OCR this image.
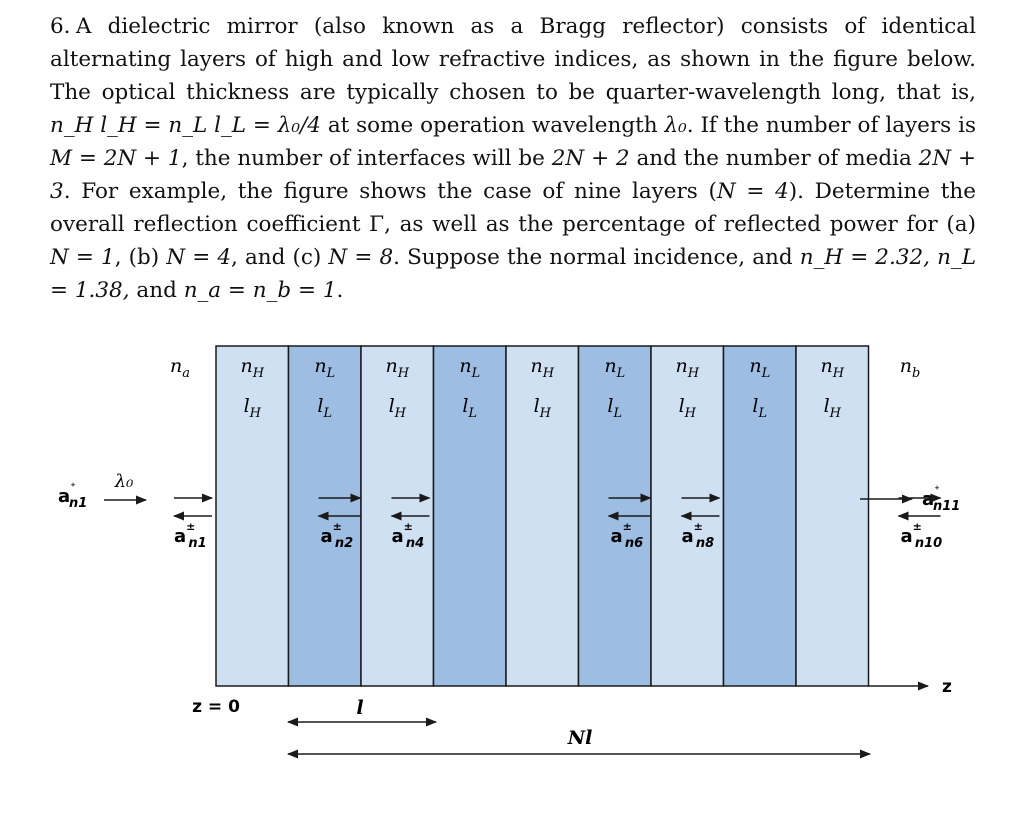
6. A dielectric mirror (also known as a Bragg reflector) consists of identical alternating layers of high and low refractive indices, as shown in the figure below. The optical thickness are typically chosen to be quarter-wavelength long, that is, n_H l_H = n_L l_L = λ₀/4 at some operation wavelength λ₀. If the number of layers is M = 2N + 1, the number of interfaces will be 2N + 2 and the number of media 2N + 3. For example, the figure shows the case of nine layers (N = 4). Determine the overall reflection coefficient Γ, as well as the percentage of reflected power for (a) N = 1, (b) N = 4, and (c) N = 8. Suppose the normal incidence, and n_H = 2.32, n_L = 1.38, and n_a = n_b = 1.

$n_H$
$l_H$
$n_L$
$l_L$
$n_H$
$l_H$
$n_L$
$l_L$
$n_H$
$l_H$
$n_L$
$l_L$
$n_H$
$l_H$
$n_L$
$l_L$
$n_H$
$l_H$
$n_a$	$n_b$
a⁺ n1
λ₀
a⁺ n11
a± n1	a± n2 a± n4	a± n6 a± n8	a± n10
z
z = 0	l
Nl
